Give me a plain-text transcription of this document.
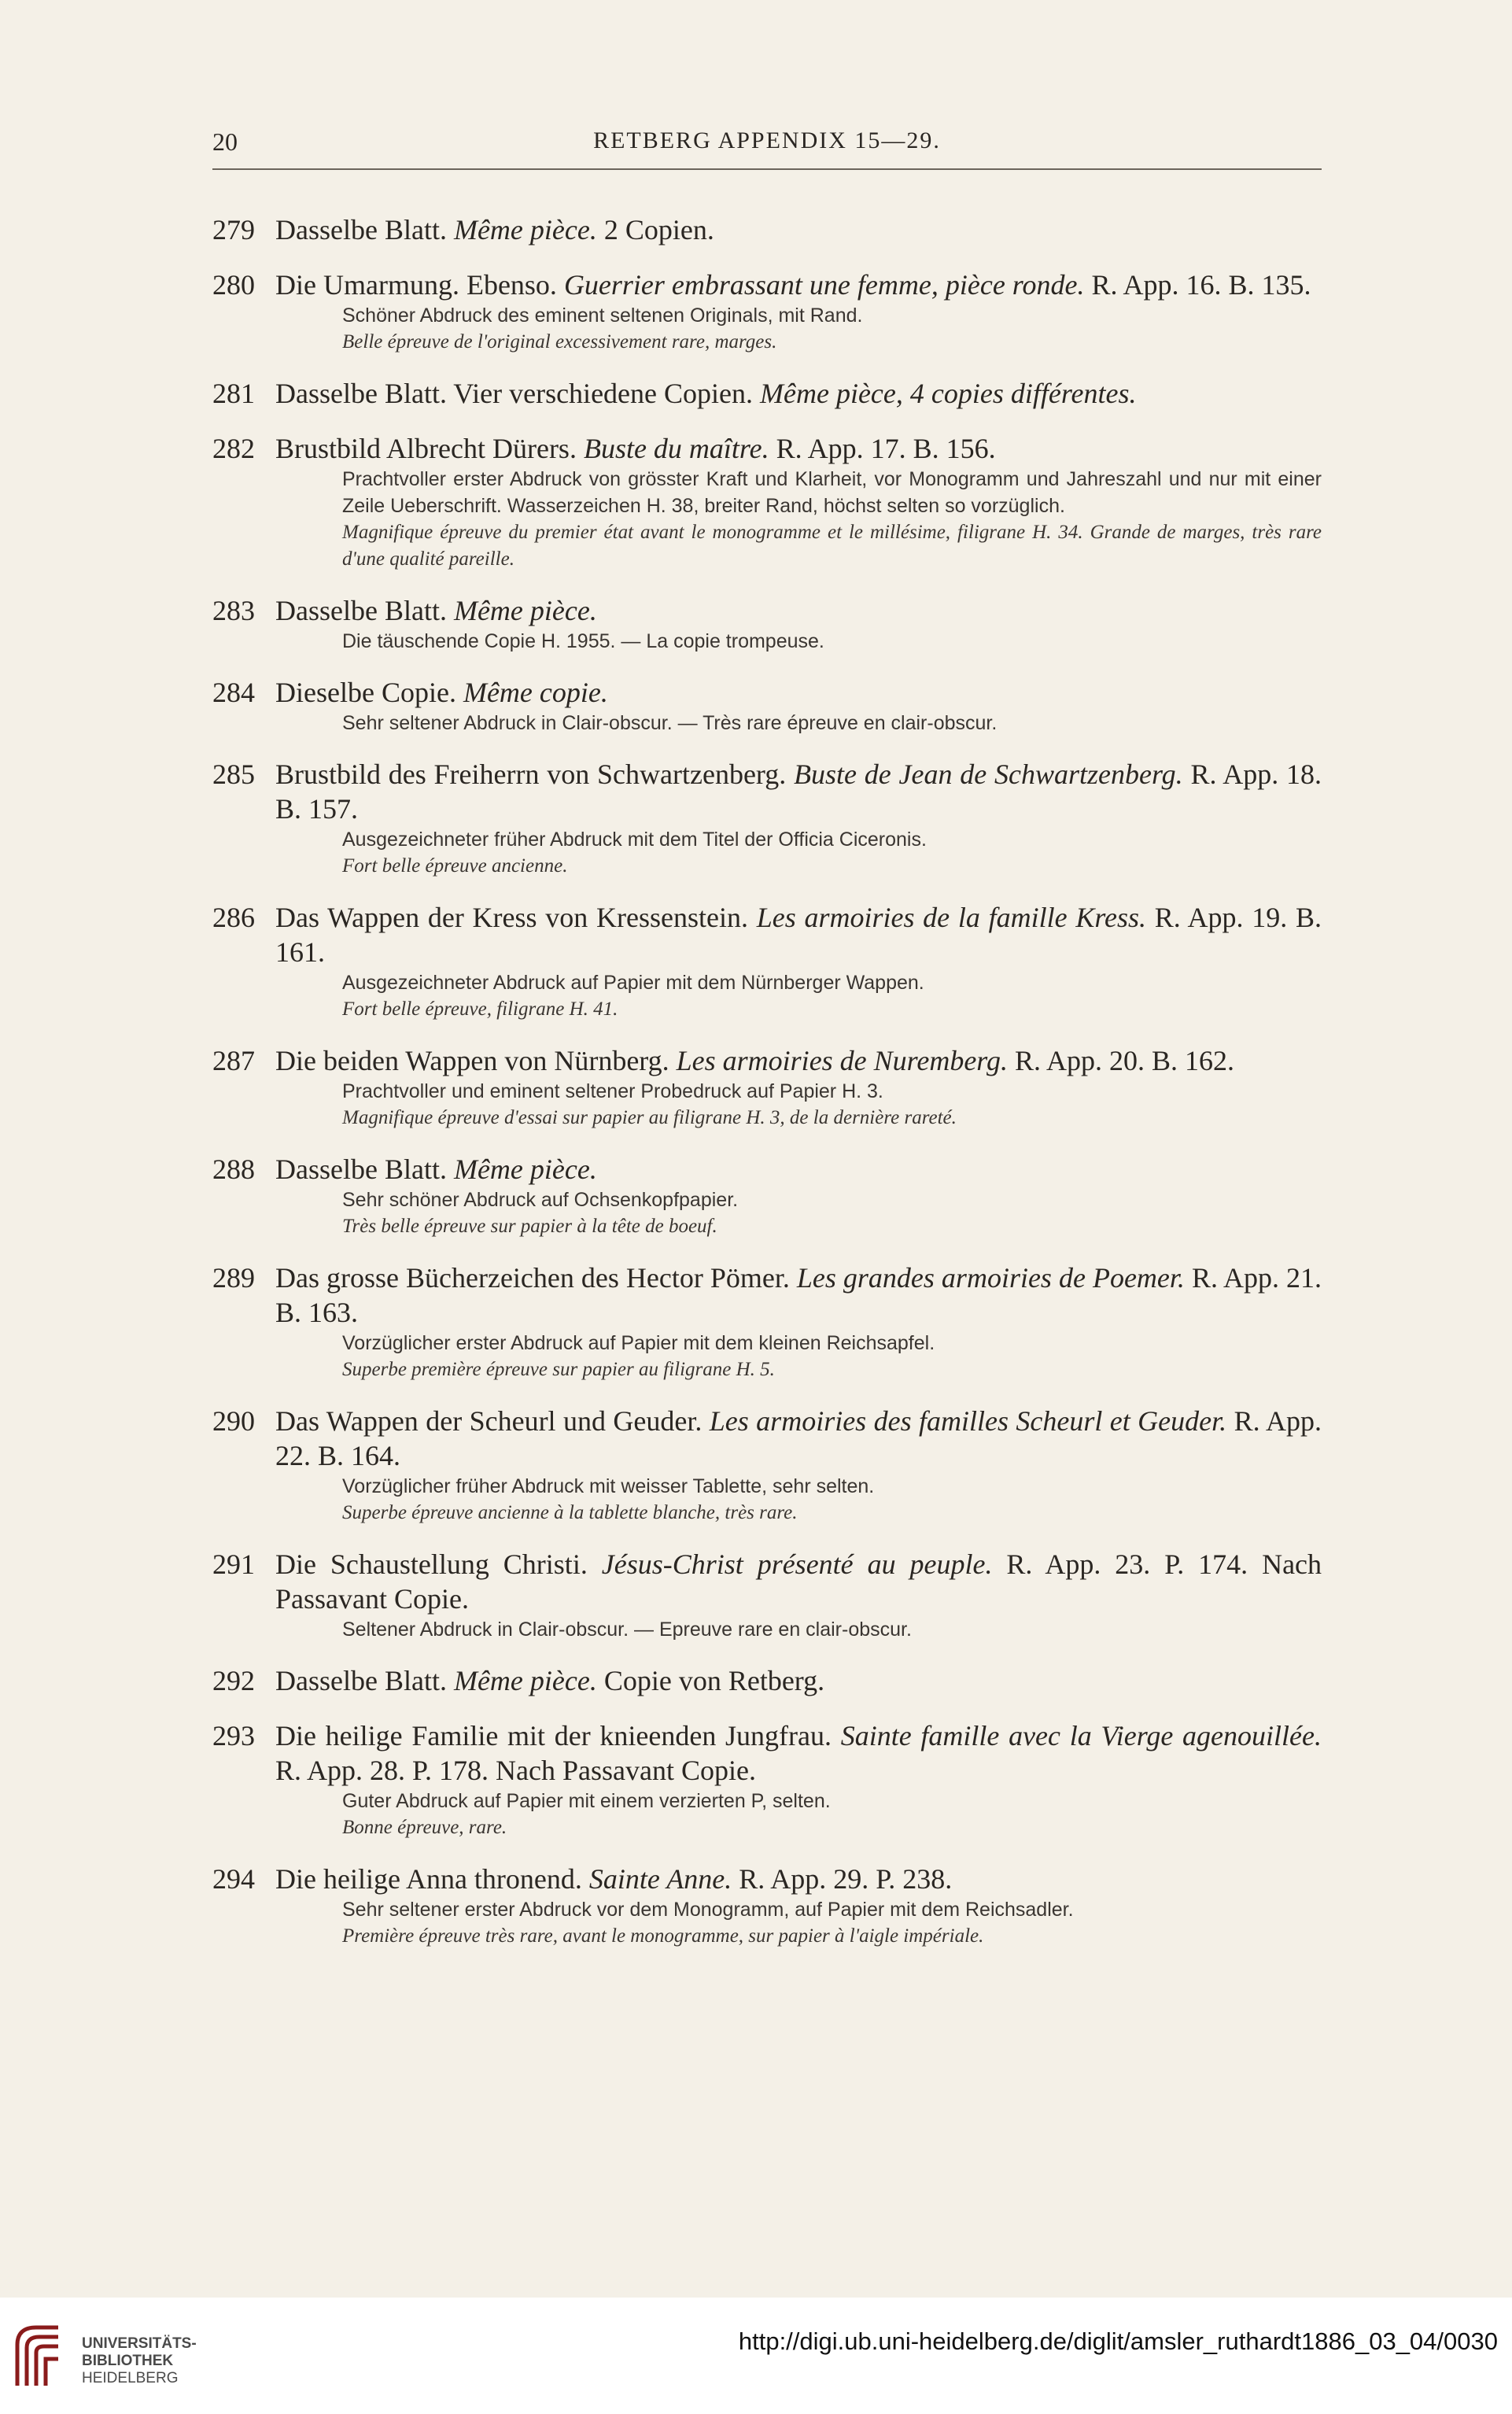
20	RETBERG APPENDIX 15—29.
279 Dasselbe Blatt. Même pièce. 2 Copien.
280 Die Umarmung. Ebenso. Guerrier embrassant une femme, pièce ronde. R. App. 16. B. 135.
Schöner Abdruck des eminent seltenen Originals, mit Rand.
Belle épreuve de l'original excessivement rare, marges.
281 Dasselbe Blatt. Vier verschiedene Copien. Même pièce, 4 copies différentes.
282 Brustbild Albrecht Dürers. Buste du maître. R. App. 17. B. 156.
Prachtvoller erster Abdruck von grösster Kraft und Klarheit, vor Monogramm und Jahreszahl und nur mit einer Zeile Ueberschrift. Wasserzeichen H. 38, breiter Rand, höchst selten so vorzüglich.
Magnifique épreuve du premier état avant le monogramme et le millésime, filigrane H. 34. Grande de marges, très rare d'une qualité pareille.
283 Dasselbe Blatt. Même pièce.
Die täuschende Copie H. 1955. — La copie trompeuse.
284 Dieselbe Copie. Même copie.
Sehr seltener Abdruck in Clair-obscur. — Très rare épreuve en clair-obscur.
285 Brustbild des Freiherrn von Schwartzenberg. Buste de Jean de Schwartzenberg. R. App. 18. B. 157.
Ausgezeichneter früher Abdruck mit dem Titel der Officia Ciceronis.
Fort belle épreuve ancienne.
286 Das Wappen der Kress von Kressenstein. Les armoiries de la famille Kress. R. App. 19. B. 161.
Ausgezeichneter Abdruck auf Papier mit dem Nürnberger Wappen.
Fort belle épreuve, filigrane H. 41.
287 Die beiden Wappen von Nürnberg. Les armoiries de Nuremberg. R. App. 20. B. 162.
Prachtvoller und eminent seltener Probedruck auf Papier H. 3.
Magnifique épreuve d'essai sur papier au filigrane H. 3, de la dernière rareté.
288 Dasselbe Blatt. Même pièce.
Sehr schöner Abdruck auf Ochsenkopfpapier.
Très belle épreuve sur papier à la tête de boeuf.
289 Das grosse Bücherzeichen des Hector Pömer. Les grandes armoiries de Poemer. R. App. 21. B. 163.
Vorzüglicher erster Abdruck auf Papier mit dem kleinen Reichsapfel.
Superbe première épreuve sur papier au filigrane H. 5.
290 Das Wappen der Scheurl und Geuder. Les armoiries des familles Scheurl et Geuder. R. App. 22. B. 164.
Vorzüglicher früher Abdruck mit weisser Tablette, sehr selten.
Superbe épreuve ancienne à la tablette blanche, très rare.
291 Die Schaustellung Christi. Jésus-Christ présenté au peuple. R. App. 23. P. 174. Nach Passavant Copie.
Seltener Abdruck in Clair-obscur. — Epreuve rare en clair-obscur.
292 Dasselbe Blatt. Même pièce. Copie von Retberg.
293 Die heilige Familie mit der knieenden Jungfrau. Sainte famille avec la Vierge agenouillée. R. App. 28. P. 178. Nach Passavant Copie.
Guter Abdruck auf Papier mit einem verzierten P, selten.
Bonne épreuve, rare.
294 Die heilige Anna thronend. Sainte Anne. R. App. 29. P. 238.
Sehr seltener erster Abdruck vor dem Monogramm, auf Papier mit dem Reichsadler.
Première épreuve très rare, avant le monogramme, sur papier à l'aigle impériale.
UNIVERSITÄTS-
BIBLIOTHEK
HEIDELBERG
http://digi.ub.uni-heidelberg.de/diglit/amsler_ruthardt1886_03_04/0030
